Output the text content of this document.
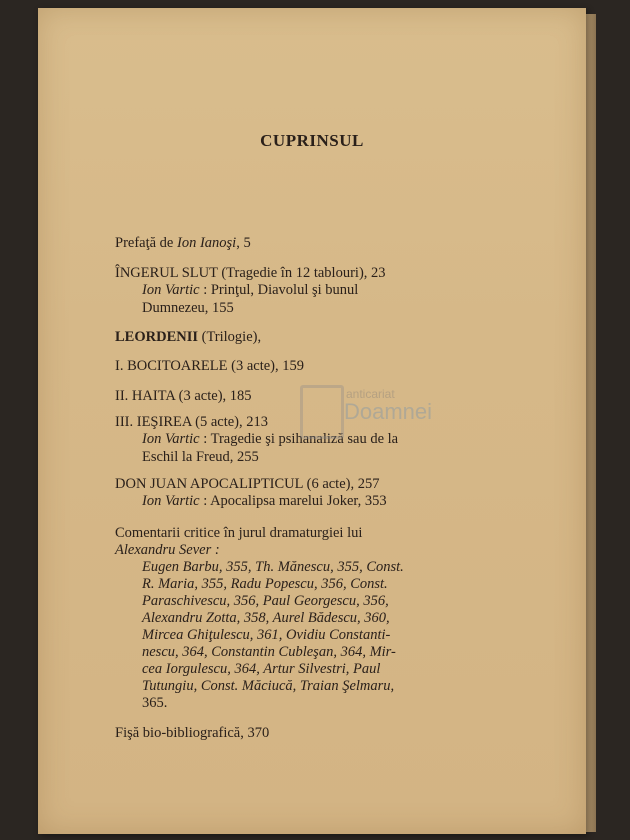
CUPRINSUL
Prefaţă de Ion Ianoşi, 5
ÎNGERUL SLUT (Tragedie în 12 tablouri), 23
Ion Vartic : Prinţul, Diavolul şi bunul
Dumnezeu, 155
LEORDENII (Trilogie),
I. BOCITOARELE (3 acte), 159
II. HAITA (3 acte), 185
III. IEŞIREA (5 acte), 213
Ion Vartic : Tragedie şi psihanaliză sau de la
Eschil la Freud, 255
DON JUAN APOCALIPTICUL (6 acte), 257
Ion Vartic : Apocalipsa marelui Joker, 353
Comentarii critice în jurul dramaturgiei lui
Alexandru Sever :
Eugen Barbu, 355, Th. Mănescu, 355, Const.
R. Maria, 355, Radu Popescu, 356, Const.
Paraschivescu, 356, Paul Georgescu, 356,
Alexandru Zotta, 358, Aurel Bădescu, 360,
Mircea Ghiţulescu, 361, Ovidiu Constanti-
nescu, 364, Constantin Cubleşan, 364, Mir-
cea Iorgulescu, 364, Artur Silvestri, Paul
Tutungiu, Const. Măciucă, Traian Şelmaru,
365.
Fişă bio-bibliografică, 370
anticariat
Doamnei
